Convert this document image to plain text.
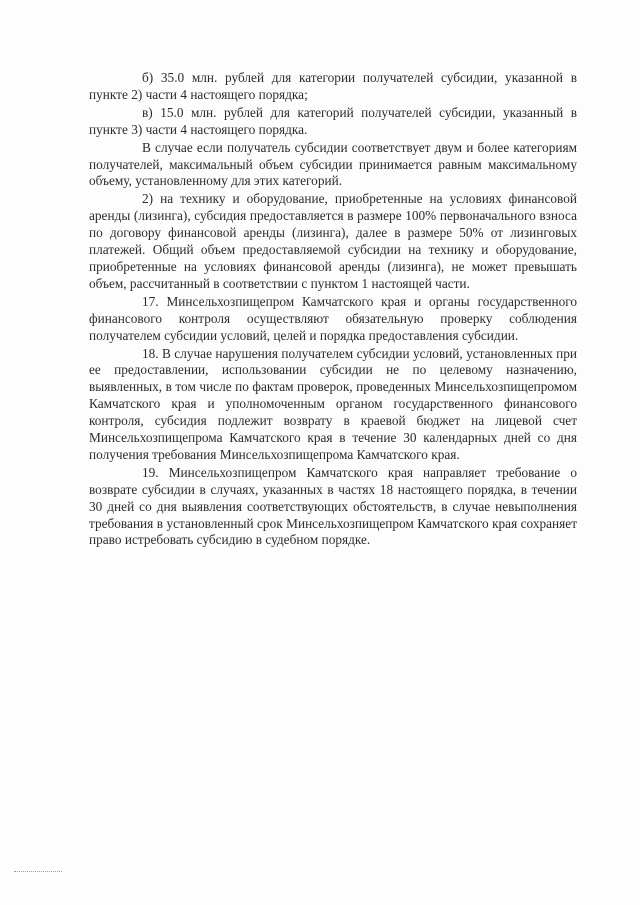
б) 35.0 млн. рублей для категории получателей субсидии, указанной в пункте 2) части 4 настоящего порядка;

в) 15.0 млн. рублей для категорий получателей субсидии, указанный в пункте 3) части 4 настоящего порядка.

В случае если получатель субсидии соответствует двум и более категориям получателей, максимальный объем субсидии принимается равным максимальному объему, установленному для этих категорий.

2) на технику и оборудование, приобретенные на условиях финансовой аренды (лизинга), субсидия предоставляется в размере 100% первоначального взноса по договору финансовой аренды (лизинга), далее в размере 50% от лизинговых платежей. Общий объем предоставляемой субсидии на технику и оборудование, приобретенные на условиях финансовой аренды (лизинга), не может превышать объем, рассчитанный в соответствии с пунктом 1 настоящей части.

17. Минсельхозпищепром Камчатского края и органы государственного финансового контроля осуществляют обязательную проверку соблюдения получателем субсидии условий, целей и порядка предоставления субсидии.

18. В случае нарушения получателем субсидии условий, установленных при ее предоставлении, использовании субсидии не по целевому назначению, выявленных, в том числе по фактам проверок, проведенных Минсельхозпищепромом Камчатского края и уполномоченным органом государственного финансового контроля, субсидия подлежит возврату в краевой бюджет на лицевой счет Минсельхозпищепрома Камчатского края в течение 30 календарных дней со дня получения требования Минсельхозпищепрома Камчатского края.

19. Минсельхозпищепром Камчатского края направляет требование о возврате субсидии в случаях, указанных в частях 18 настоящего порядка, в течении 30 дней со дня выявления соответствующих обстоятельств, в случае невыполнения требования в установленный срок Минсельхозпищепром Камчатского края сохраняет право истребовать субсидию в судебном порядке.
